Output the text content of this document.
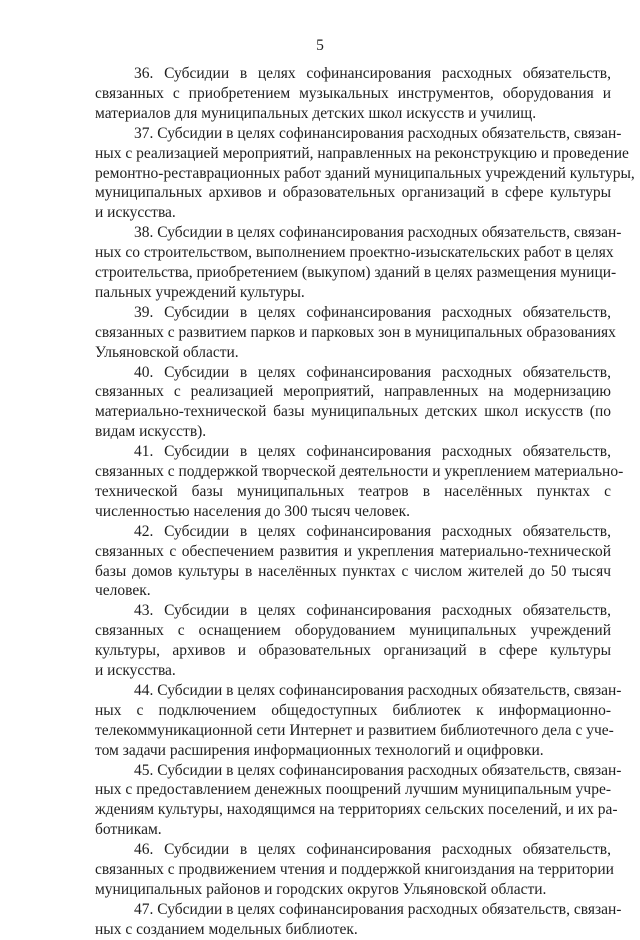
5
36. Субсидии в целях софинансирования расходных обязательств,
связанных с приобретением музыкальных инструментов, оборудования и
материалов для муниципальных детских школ искусств и училищ.
37. Субсидии в целях софинансирования расходных обязательств, связан-
ных с реализацией мероприятий, направленных на реконструкцию и проведение
ремонтно-реставрационных работ зданий муниципальных учреждений культуры,
муниципальных архивов и образовательных организаций в сфере культуры
и искусства.
38. Субсидии в целях софинансирования расходных обязательств, связан-
ных со строительством, выполнением проектно-изыскательских работ в целях
строительства, приобретением (выкупом) зданий в целях размещения муници-
пальных учреждений культуры.
39. Субсидии в целях софинансирования расходных обязательств,
связанных с развитием парков и парковых зон в муниципальных образованиях
Ульяновской области.
40. Субсидии в целях софинансирования расходных обязательств,
связанных с реализацией мероприятий, направленных на модернизацию
материально-технической базы муниципальных детских школ искусств (по
видам искусств).
41. Субсидии в целях софинансирования расходных обязательств,
связанных с поддержкой творческой деятельности и укреплением материально-
технической базы муниципальных театров в населённых пунктах с
численностью населения до 300 тысяч человек.
42. Субсидии в целях софинансирования расходных обязательств,
связанных с обеспечением развития и укрепления материально-технической
базы домов культуры в населённых пунктах с числом жителей до 50 тысяч
человек.
43. Субсидии в целях софинансирования расходных обязательств,
связанных с оснащением оборудованием муниципальных учреждений
культуры, архивов и образовательных организаций в сфере культуры
и искусства.
44. Субсидии в целях софинансирования расходных обязательств, связан-
ных с подключением общедоступных библиотек к информационно-
телекоммуникационной сети Интернет и развитием библиотечного дела с уче-
том задачи расширения информационных технологий и оцифровки.
45. Субсидии в целях софинансирования расходных обязательств, связан-
ных с предоставлением денежных поощрений лучшим муниципальным учре-
ждениям культуры, находящимся на территориях сельских поселений, и их ра-
ботникам.
46. Субсидии в целях софинансирования расходных обязательств,
связанных с продвижением чтения и поддержкой книгоиздания на территории
муниципальных районов и городских округов Ульяновской области.
47. Субсидии в целях софинансирования расходных обязательств, связан-
ных с созданием модельных библиотек.
